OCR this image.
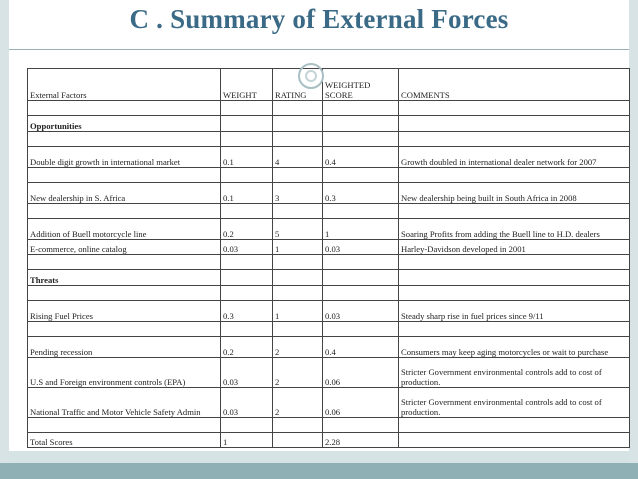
C . Summary of External Forces
External Factors	WEIGHT	RATING	WEIGHTED SCORE	COMMENTS

Opportunities				

Double digit growth in international market	0.1	4	0.4	Growth doubled in international dealer network for 2007

New dealership in S. Africa	0.1	3	0.3	New dealership being built in South Africa in 2008

Addition of Buell motorcycle line	0.2	5	1	Soaring Profits from adding the Buell line to H.D. dealers
E-commerce, online catalog	0.03	1	0.03	Harley-Davidson developed in 2001

Threats				

Rising Fuel Prices	0.3	1	0.03	Steady sharp rise in fuel prices since 9/11

Pending recession	0.2	2	0.4	Consumers may keep aging motorcycles or wait to purchase
U.S and Foreign environment controls (EPA)	0.03	2	0.06	Stricter Government environmental controls add to cost of production.
National Traffic and Motor Vehicle Safety Admin	0.03	2	0.06	Stricter Government environmental controls add to cost of production.

Total Scores	1		2.28	
